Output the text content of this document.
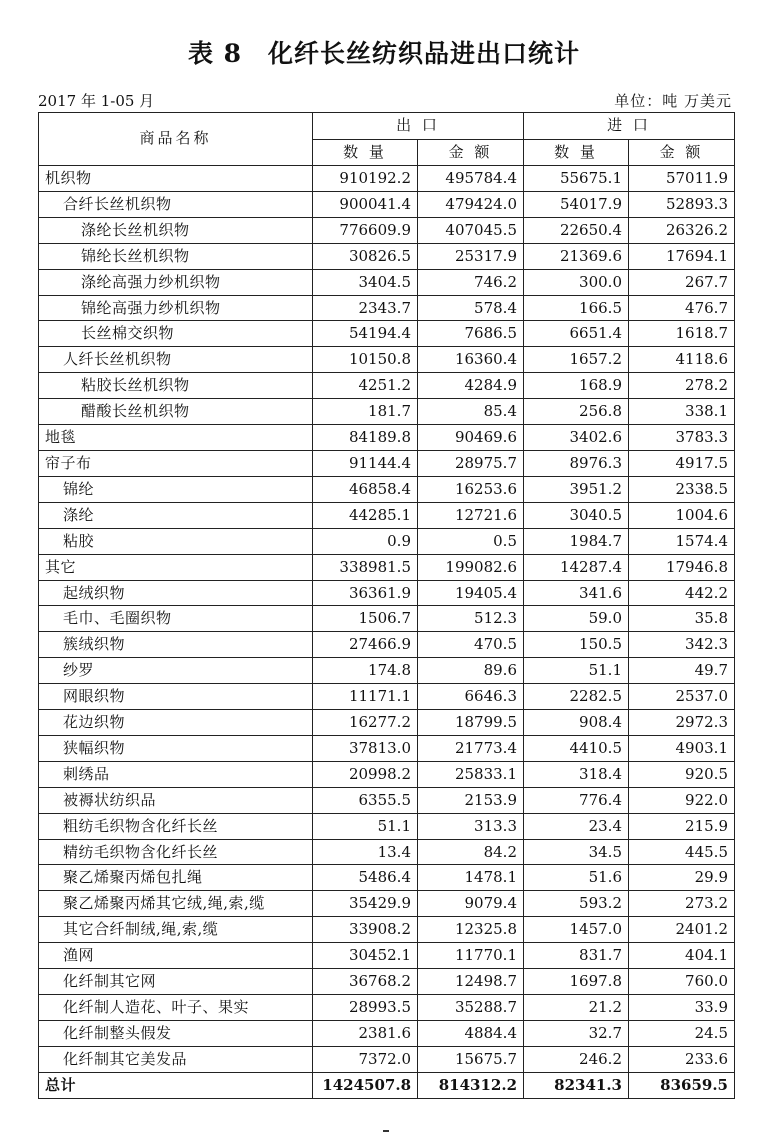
表 8　化纤长丝纺织品进出口统计
2017 年 1-05 月	单位：吨 万美元
商品名称	出 口		进 口	
	数 量	金 额	数 量	金 额
机织物	910192.2	495784.4	55675.1	57011.9
合纤长丝机织物	900041.4	479424.0	54017.9	52893.3
涤纶长丝机织物	776609.9	407045.5	22650.4	26326.2
锦纶长丝机织物	30826.5	25317.9	21369.6	17694.1
涤纶高强力纱机织物	3404.5	746.2	300.0	267.7
锦纶高强力纱机织物	2343.7	578.4	166.5	476.7
长丝棉交织物	54194.4	7686.5	6651.4	1618.7
人纤长丝机织物	10150.8	16360.4	1657.2	4118.6
粘胶长丝机织物	4251.2	4284.9	168.9	278.2
醋酸长丝机织物	181.7	85.4	256.8	338.1
地毯	84189.8	90469.6	3402.6	3783.3
帘子布	91144.4	28975.7	8976.3	4917.5
锦纶	46858.4	16253.6	3951.2	2338.5
涤纶	44285.1	12721.6	3040.5	1004.6
粘胶	0.9	0.5	1984.7	1574.4
其它	338981.5	199082.6	14287.4	17946.8
起绒织物	36361.9	19405.4	341.6	442.2
毛巾、毛圈织物	1506.7	512.3	59.0	35.8
簇绒织物	27466.9	470.5	150.5	342.3
纱罗	174.8	89.6	51.1	49.7
网眼织物	11171.1	6646.3	2282.5	2537.0
花边织物	16277.2	18799.5	908.4	2972.3
狭幅织物	37813.0	21773.4	4410.5	4903.1
刺绣品	20998.2	25833.1	318.4	920.5
被褥状纺织品	6355.5	2153.9	776.4	922.0
粗纺毛织物含化纤长丝	51.1	313.3	23.4	215.9
精纺毛织物含化纤长丝	13.4	84.2	34.5	445.5
聚乙烯聚丙烯包扎绳	5486.4	1478.1	51.6	29.9
聚乙烯聚丙烯其它绒,绳,索,缆	35429.9	9079.4	593.2	273.2
其它合纤制绒,绳,索,缆	33908.2	12325.8	1457.0	2401.2
渔网	30452.1	11770.1	831.7	404.1
化纤制其它网	36768.2	12498.7	1697.8	760.0
化纤制人造花、叶子、果实	28993.5	35288.7	21.2	33.9
化纤制整头假发	2381.6	4884.4	32.7	24.5
化纤制其它美发品	7372.0	15675.7	246.2	233.6
总计	1424507.8	814312.2	82341.3	83659.5
